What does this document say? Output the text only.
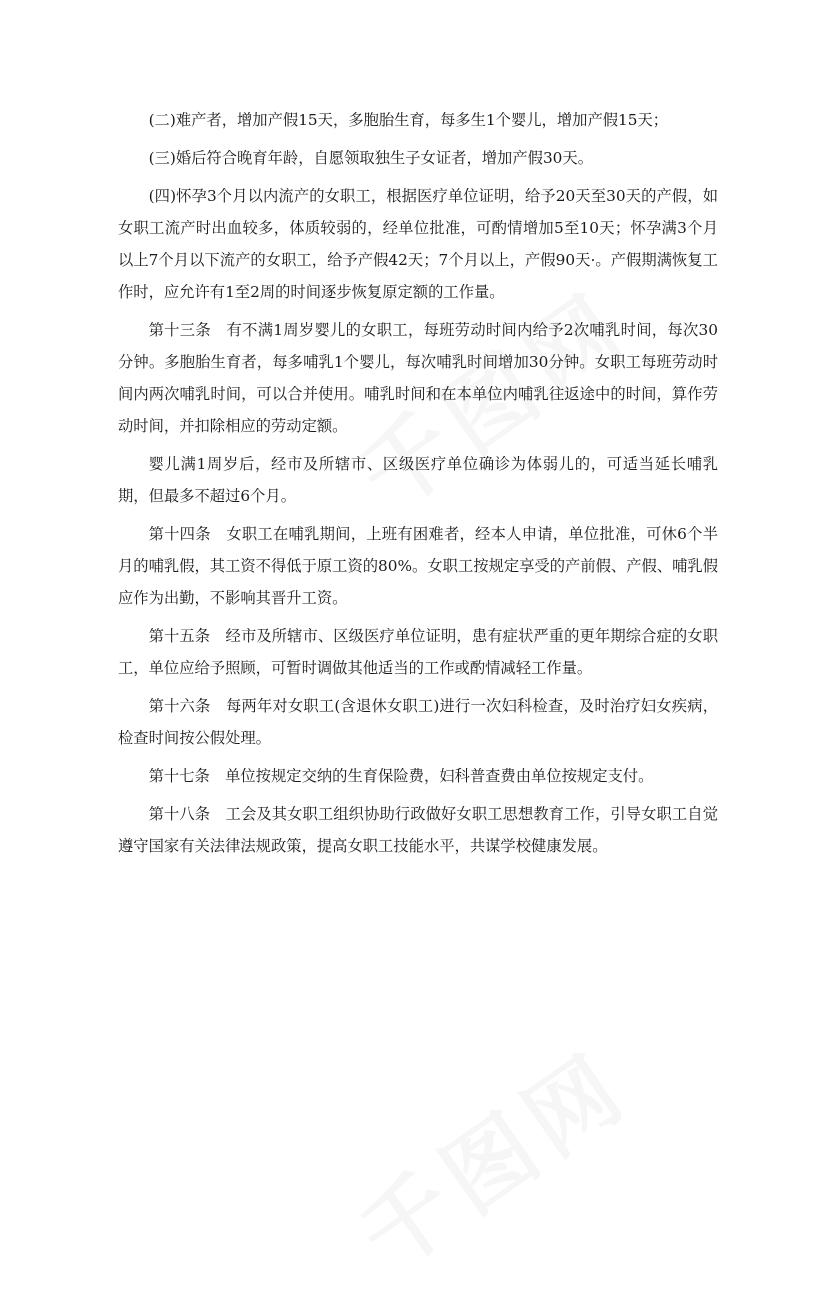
(二)难产者，增加产假15天，多胞胎生育，每多生1个婴儿，增加产假15天；

(三)婚后符合晚育年龄，自愿领取独生子女证者，增加产假30天。

(四)怀孕3个月以内流产的女职工，根据医疗单位证明，给予20天至30天的产假，如女职工流产时出血较多，体质较弱的，经单位批准，可酌情增加5至10天；怀孕满3个月以上7个月以下流产的女职工，给予产假42天；7个月以上，产假90天·。产假期满恢复工作时，应允许有1至2周的时间逐步恢复原定额的工作量。

第十三条　有不满1周岁婴儿的女职工，每班劳动时间内给予2次哺乳时间，每次30分钟。多胞胎生育者，每多哺乳1个婴儿，每次哺乳时间增加30分钟。女职工每班劳动时间内两次哺乳时间，可以合并使用。哺乳时间和在本单位内哺乳往返途中的时间，算作劳动时间，并扣除相应的劳动定额。

婴儿满1周岁后，经市及所辖市、区级医疗单位确诊为体弱儿的，可适当延长哺乳期，但最多不超过6个月。

第十四条　女职工在哺乳期间，上班有困难者，经本人申请，单位批准，可休6个半月的哺乳假，其工资不得低于原工资的80%。女职工按规定享受的产前假、产假、哺乳假应作为出勤，不影响其晋升工资。

第十五条　经市及所辖市、区级医疗单位证明，患有症状严重的更年期综合症的女职工，单位应给予照顾，可暂时调做其他适当的工作或酌情减轻工作量。

第十六条　每两年对女职工(含退休女职工)进行一次妇科检查，及时治疗妇女疾病，检查时间按公假处理。

第十七条　单位按规定交纳的生育保险费，妇科普查费由单位按规定支付。

第十八条　工会及其女职工组织协助行政做好女职工思想教育工作，引导女职工自觉遵守国家有关法律法规政策，提高女职工技能水平，共谋学校健康发展。
